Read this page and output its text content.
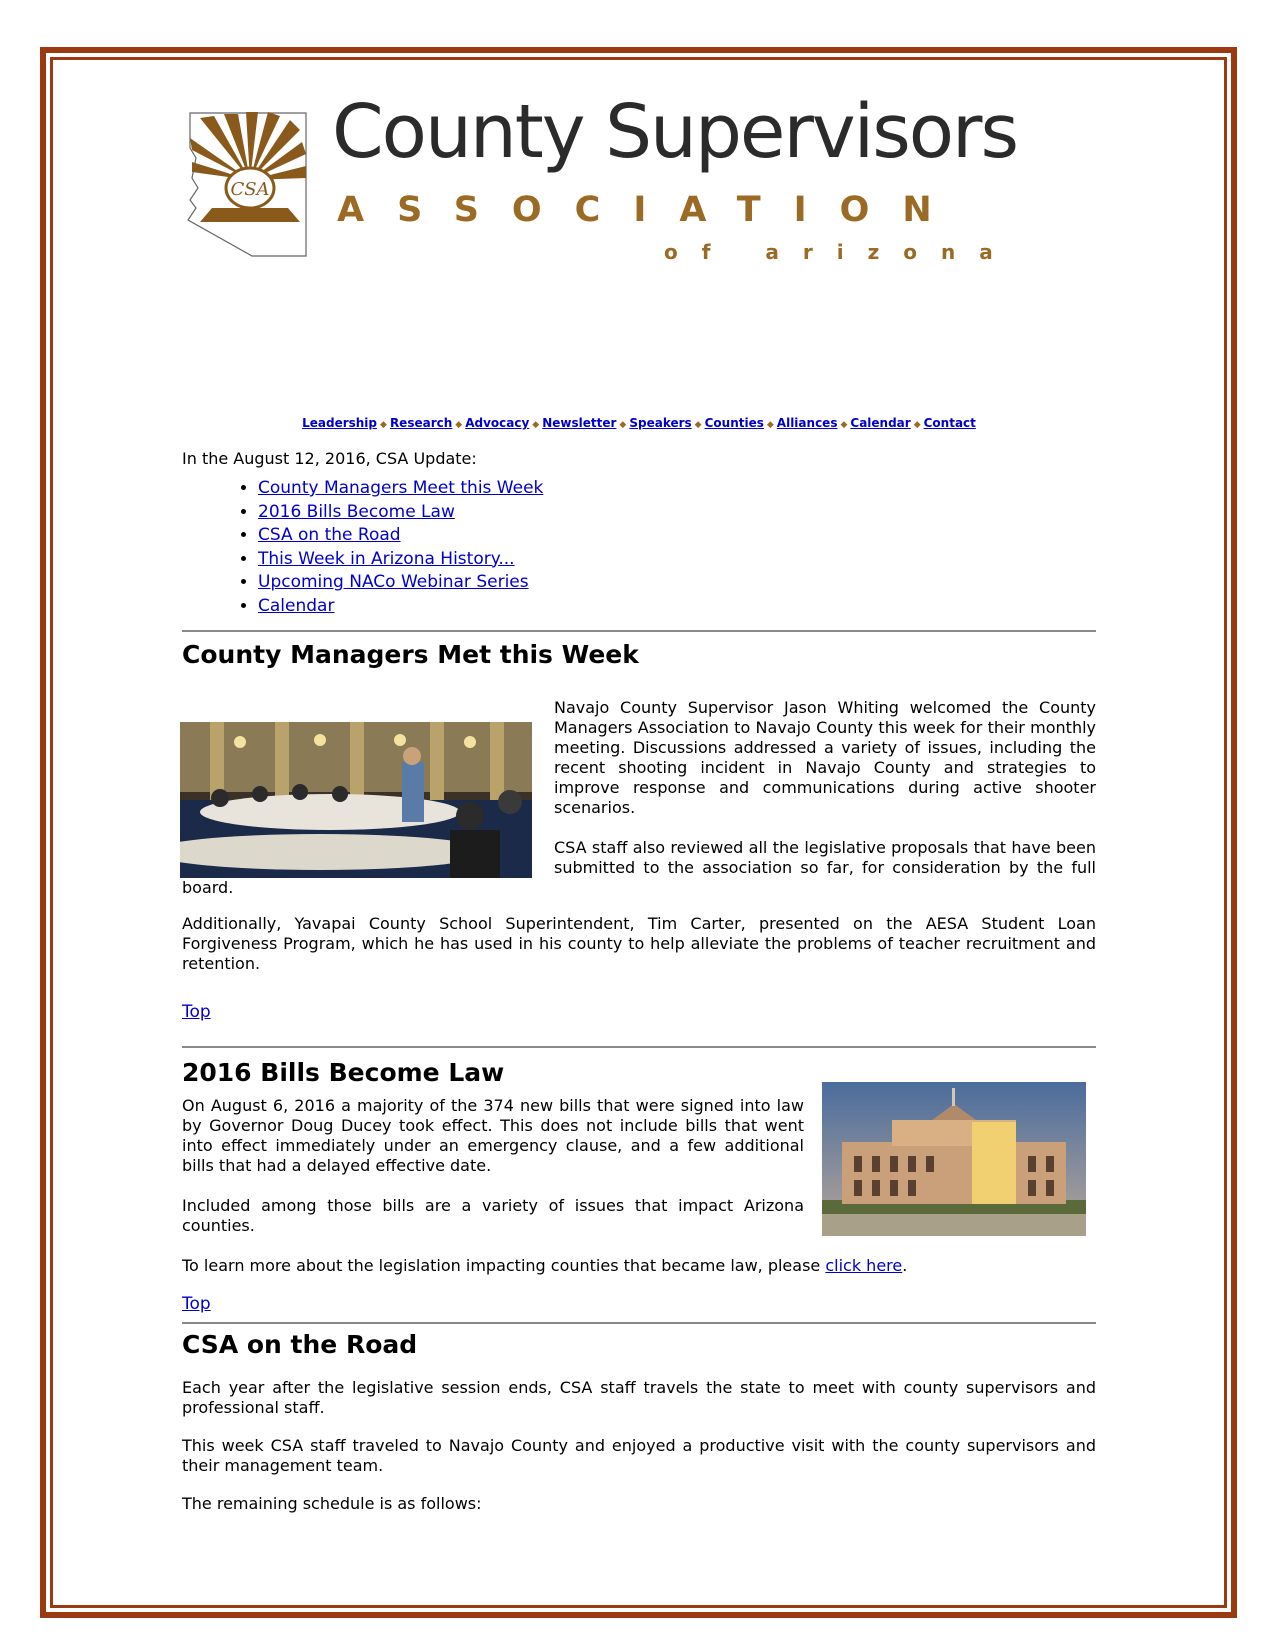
CSA
County Supervisors
ASSOCIATION
of arizona
Leadership ◆ Research ◆ Advocacy ◆ Newsletter ◆ Speakers ◆ Counties ◆ Alliances ◆ Calendar ◆ Contact
In the August 12, 2016, CSA Update:
• County Managers Meet this Week
• 2016 Bills Become Law
• CSA on the Road
• This Week in Arizona History...
• Upcoming NACo Webinar Series
• Calendar
County Managers Met this Week

Navajo County Supervisor Jason Whiting welcomed the County Managers Association to Navajo County this week for their monthly meeting. Discussions addressed a variety of issues, including the recent shooting incident in Navajo County and strategies to improve response and communications during active shooter scenarios.

CSA staff also reviewed all the legislative proposals that have been submitted to the association so far, for consideration by the full board.

Additionally, Yavapai County School Superintendent, Tim Carter, presented on the AESA Student Loan Forgiveness Program, which he has used in his county to help alleviate the problems of teacher recruitment and retention.

Top
2016 Bills Become Law

On August 6, 2016 a majority of the 374 new bills that were signed into law by Governor Doug Ducey took effect. This does not include bills that went into effect immediately under an emergency clause, and a few additional bills that had a delayed effective date.

Included among those bills are a variety of issues that impact Arizona counties.

To learn more about the legislation impacting counties that became law, please click here.

Top
CSA on the Road

Each year after the legislative session ends, CSA staff travels the state to meet with county supervisors and professional staff.

This week CSA staff traveled to Navajo County and enjoyed a productive visit with the county supervisors and their management team.

The remaining schedule is as follows:
